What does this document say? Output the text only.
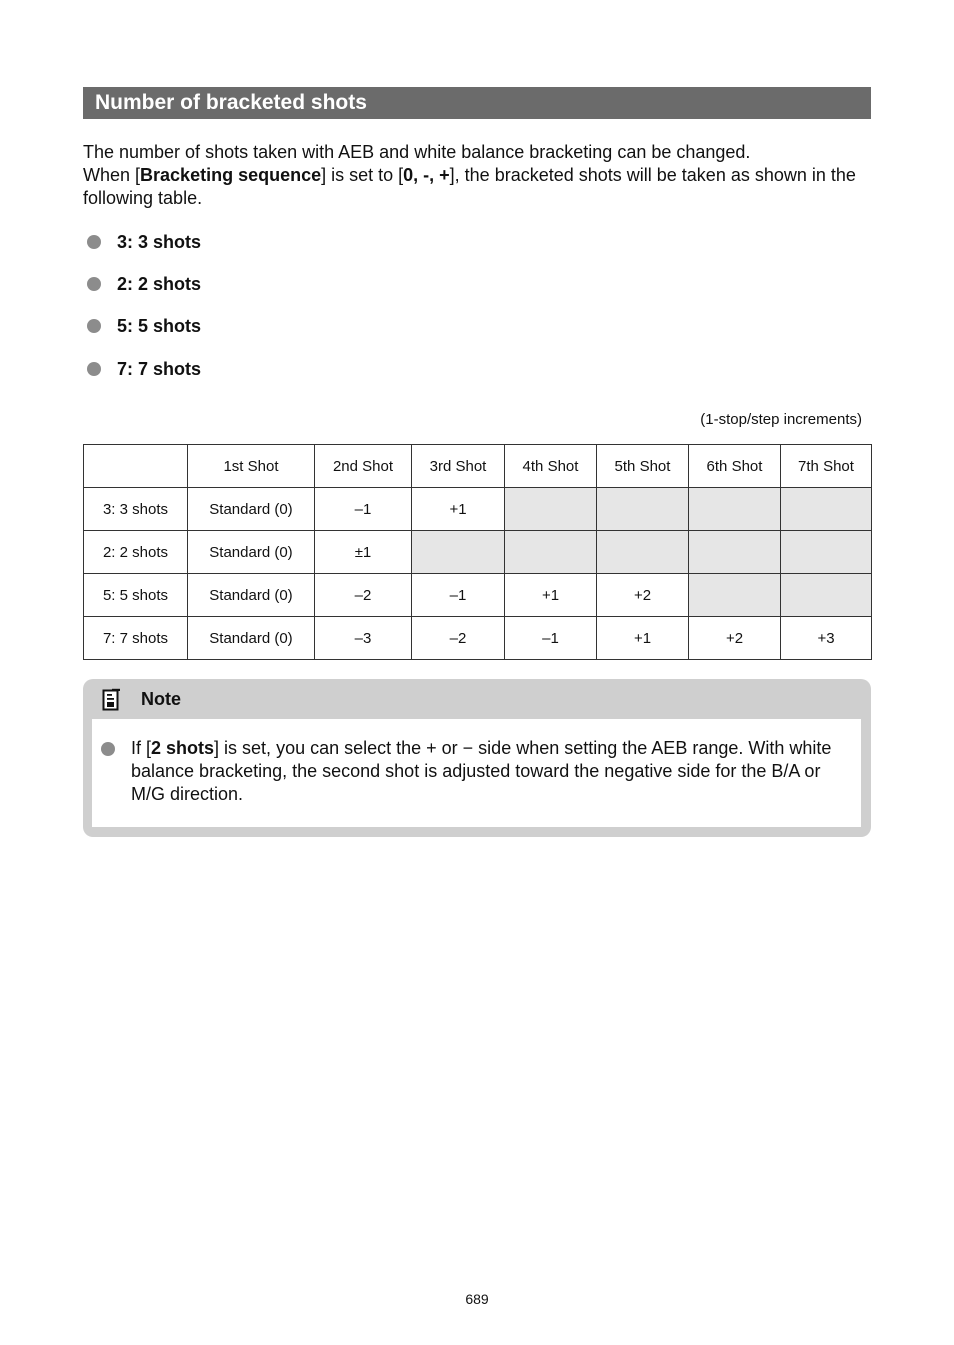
Number of bracketed shots

The number of shots taken with AEB and white balance bracketing can be changed.

When [Bracketing sequence] is set to [0, -, +], the bracketed shots will be taken as shown in the following table.

3: 3 shots
2: 2 shots
5: 5 shots
7: 7 shots
(1-stop/step increments)
	1st Shot	2nd Shot	3rd Shot	4th Shot	5th Shot	6th Shot	7th Shot
3: 3 shots	Standard (0)	–1	+1				
2: 2 shots	Standard (0)	±1					
5: 5 shots	Standard (0)	–2	–1	+1	+2		
7: 7 shots	Standard (0)	–3	–2	–1	+1	+2	+3
Note

If [2 shots] is set, you can select the + or − side when setting the AEB range. With white balance bracketing, the second shot is adjusted toward the negative side for the B/A or M/G direction.

689
